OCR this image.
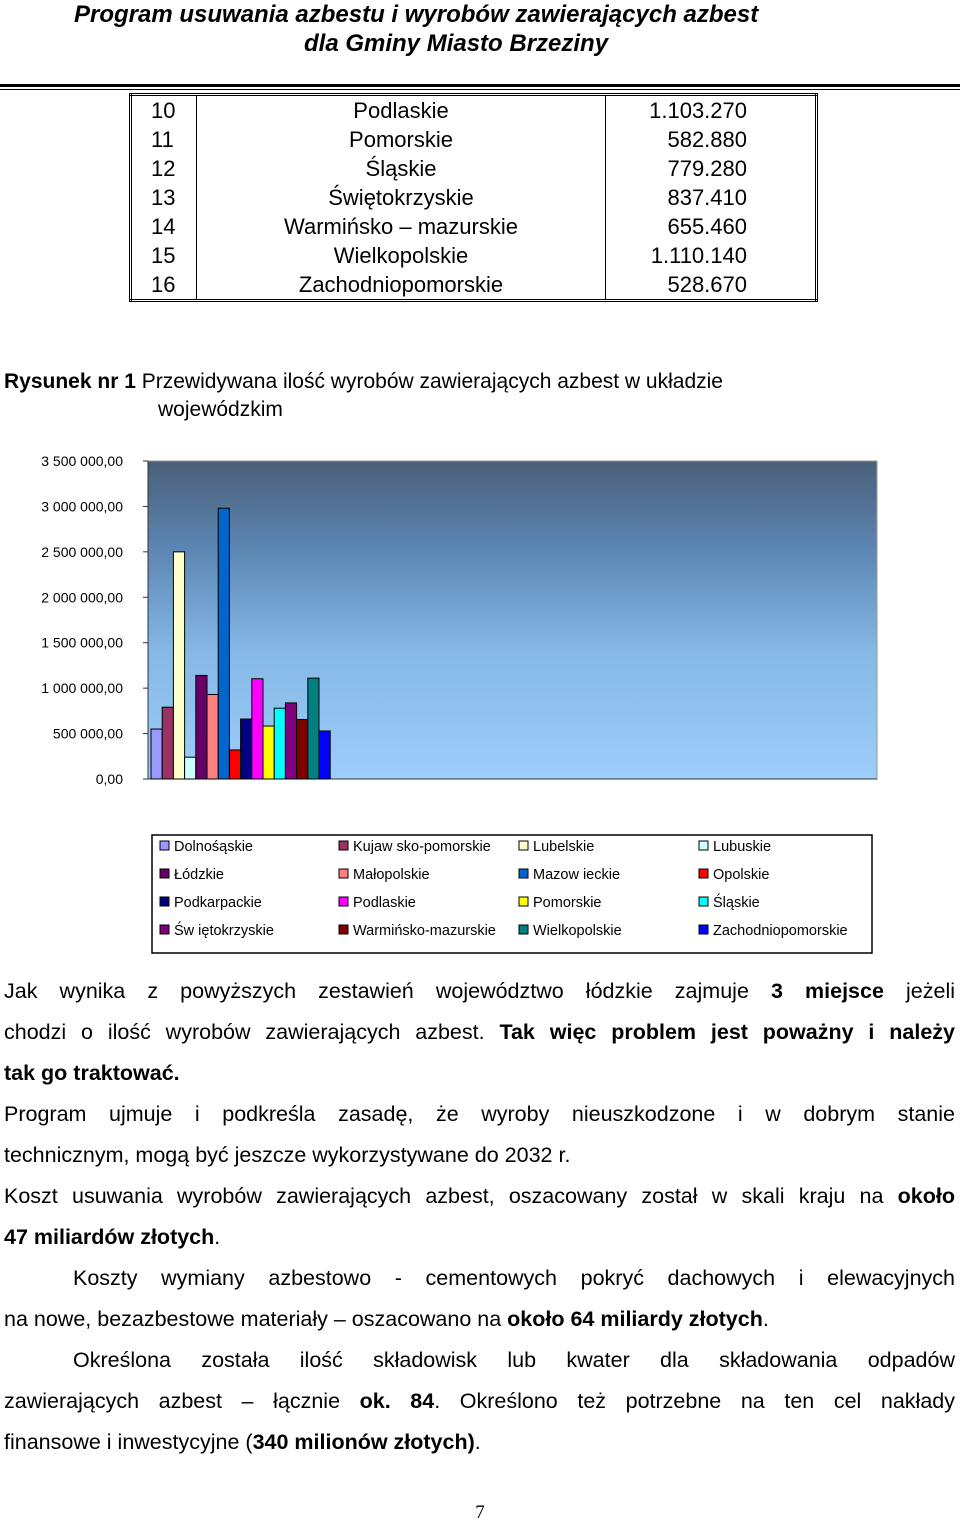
Program usuwania azbestu i wyrobów zawierających azbest
dla Gminy Miasto Brzeziny
10	Podlaskie	1.103.270
11	Pomorskie	582.880
12	Śląskie	779.280
13	Świętokrzyskie	837.410
14	Warmińsko – mazurskie	655.460
15	Wielkopolskie	1.110.140
16	Zachodniopomorskie	528.670
Rysunek nr 1 Przewidywana ilość wyrobów zawierających azbest w układzie
wojewódzkim
0,00
500 000,00
1 000 000,00
1 500 000,00
2 000 000,00
2 500 000,00
3 000 000,00
3 500 000,00
Dolnośąskie	Kujaw sko-pomorskie	Lubelskie	Lubuskie
Łódzkie	Małopolskie	Mazow ieckie	Opolskie
Podkarpackie	Podlaskie	Pomorskie	Śląskie
Św iętokrzyskie	Warmińsko-mazurskie	Wielkopolskie	Zachodniopomorskie
Jak wynika z powyższych zestawień województwo łódzkie zajmuje 3 miejsce jeżeli
chodzi o ilość wyrobów zawierających azbest. Tak więc problem jest poważny i należy
tak go traktować.
Program ujmuje i podkreśla zasadę, że wyroby nieuszkodzone i w dobrym stanie
technicznym, mogą być jeszcze wykorzystywane do 2032 r.
Koszt usuwania wyrobów zawierających azbest, oszacowany został w skali kraju na około
47 miliardów złotych.
Koszty wymiany azbestowo - cementowych pokryć dachowych i elewacyjnych
na nowe, bezazbestowe materiały – oszacowano na około 64 miliardy złotych.
Określona została ilość składowisk lub kwater dla składowania odpadów
zawierających azbest – łącznie ok. 84. Określono też potrzebne na ten cel nakłady
finansowe i inwestycyjne (340 milionów złotych).
7
